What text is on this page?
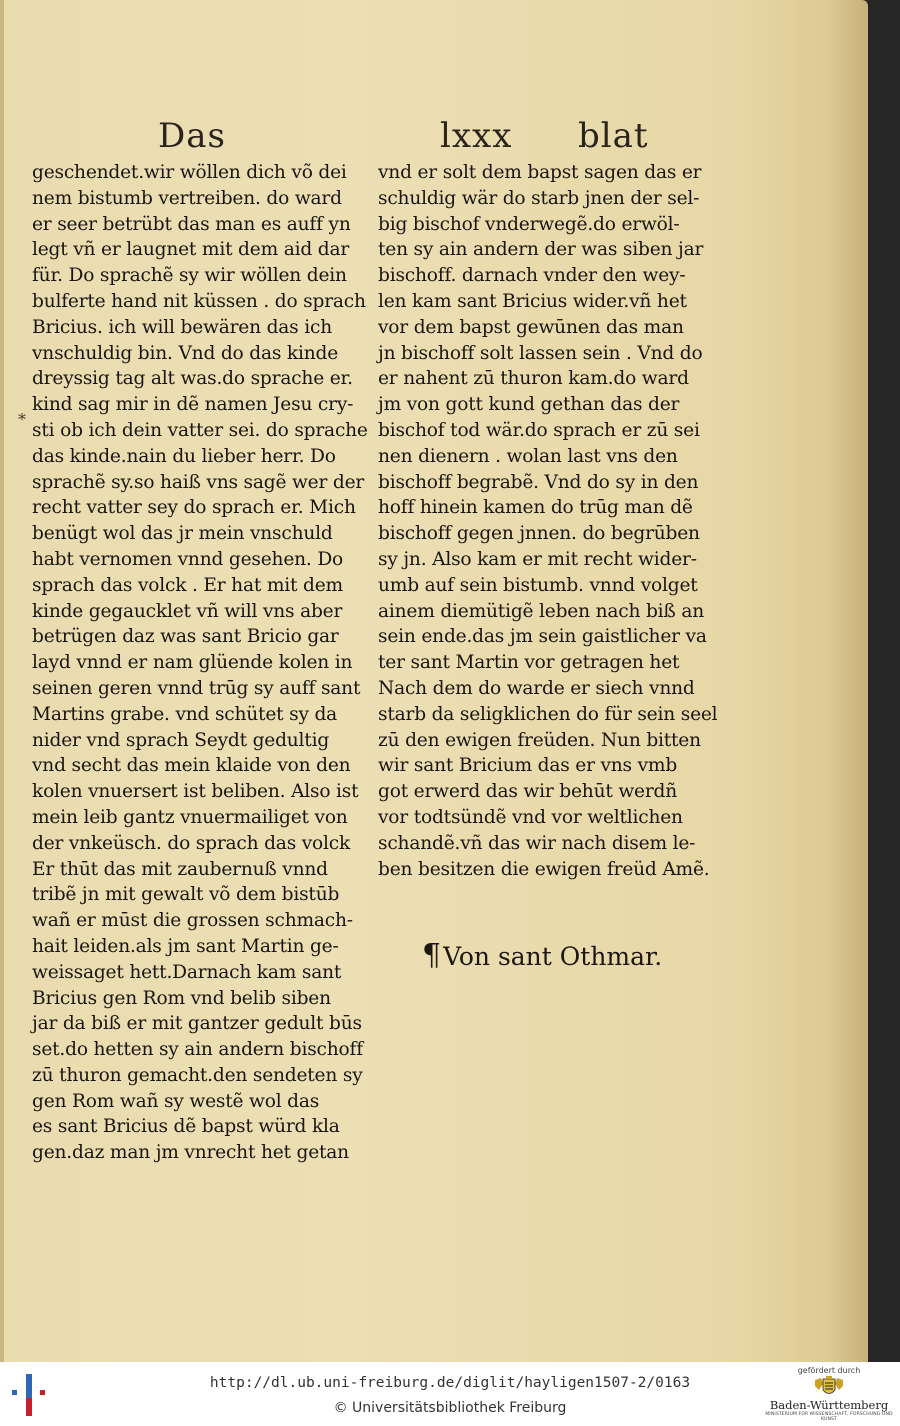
Das	lxxx blat
*
geschendet.wir wöllen dich võ dei
nem bistumb vertreiben. do ward
er seer betrübt das man es auff yn
legt vñ er laugnet mit dem aid dar
für. Do sprachẽ sy wir wöllen dein
bulferte hand nit küssen . do sprach
Bricius. ich will bewären das ich
vnschuldig bin. Vnd do das kinde
dreyssig tag alt was.do sprache er.
kind sag mir in dẽ namen Jesu cry-
sti ob ich dein vatter sei. do sprache
das kinde.nain du lieber herr. Do
sprachẽ sy.so haiß vns sagẽ wer der
recht vatter sey do sprach er. Mich
benügt wol das jr mein vnschuld
habt vernomen vnnd gesehen. Do
sprach das volck . Er hat mit dem
kinde gegaucklet vñ will vns aber
betrügen daz was sant Bricio gar
layd vnnd er nam glüende kolen in
seinen geren vnnd trūg sy auff sant
Martins grabe. vnd schütet sy da
nider vnd sprach Seydt gedultig
vnd secht das mein klaide von den
kolen vnuersert ist beliben. Also ist
mein leib gantz vnuermailiget von
der vnkeüsch. do sprach das volck
Er thūt das mit zaubernuß vnnd
tribẽ jn mit gewalt võ dem bistūb
wañ er mūst die grossen schmach-
hait leiden.als jm sant Martin ge-
weissaget hett.Darnach kam sant
Bricius gen Rom vnd belib siben
jar da biß er mit gantzer gedult būs
set.do hetten sy ain andern bischoff
zū thuron gemacht.den sendeten sy
gen Rom wañ sy westẽ wol das
es sant Bricius dẽ bapst würd kla
gen.daz man jm vnrecht het getan
vnd er solt dem bapst sagen das er
schuldig wär do starb jnen der sel-
big bischof vnderwegẽ.do erwöl-
ten sy ain andern der was siben jar
bischoff. darnach vnder den wey-
len kam sant Bricius wider.vñ het
vor dem bapst gewūnen das man
jn bischoff solt lassen sein . Vnd do
er nahent zū thuron kam.do ward
jm von gott kund gethan das der
bischof tod wär.do sprach er zū sei
nen dienern . wolan last vns den
bischoff begrabẽ. Vnd do sy in den
hoff hinein kamen do trūg man dẽ
bischoff gegen jnnen. do begrūben
sy jn. Also kam er mit recht wider-
umb auf sein bistumb. vnnd volget
ainem diemütigẽ leben nach biß an
sein ende.das jm sein gaistlicher va
ter sant Martin vor getragen het
Nach dem do warde er siech vnnd
starb da seligklichen do für sein seel
zū den ewigen freüden. Nun bitten
wir sant Bricium das er vns vmb
got erwerd das wir behūt werdñ
vor todtsündẽ vnd vor weltlichen
schandẽ.vñ das wir nach disem le-
ben besitzen die ewigen freüd Amẽ.
¶Von sant Othmar.
http://dl.ub.uni-freiburg.de/diglit/hayligen1507-2/0163
© Universitätsbibliothek Freiburg
gefördert durch
Baden-Württemberg
MINISTERIUM FÜR WISSENSCHAFT, FORSCHUNG UND KUNST
